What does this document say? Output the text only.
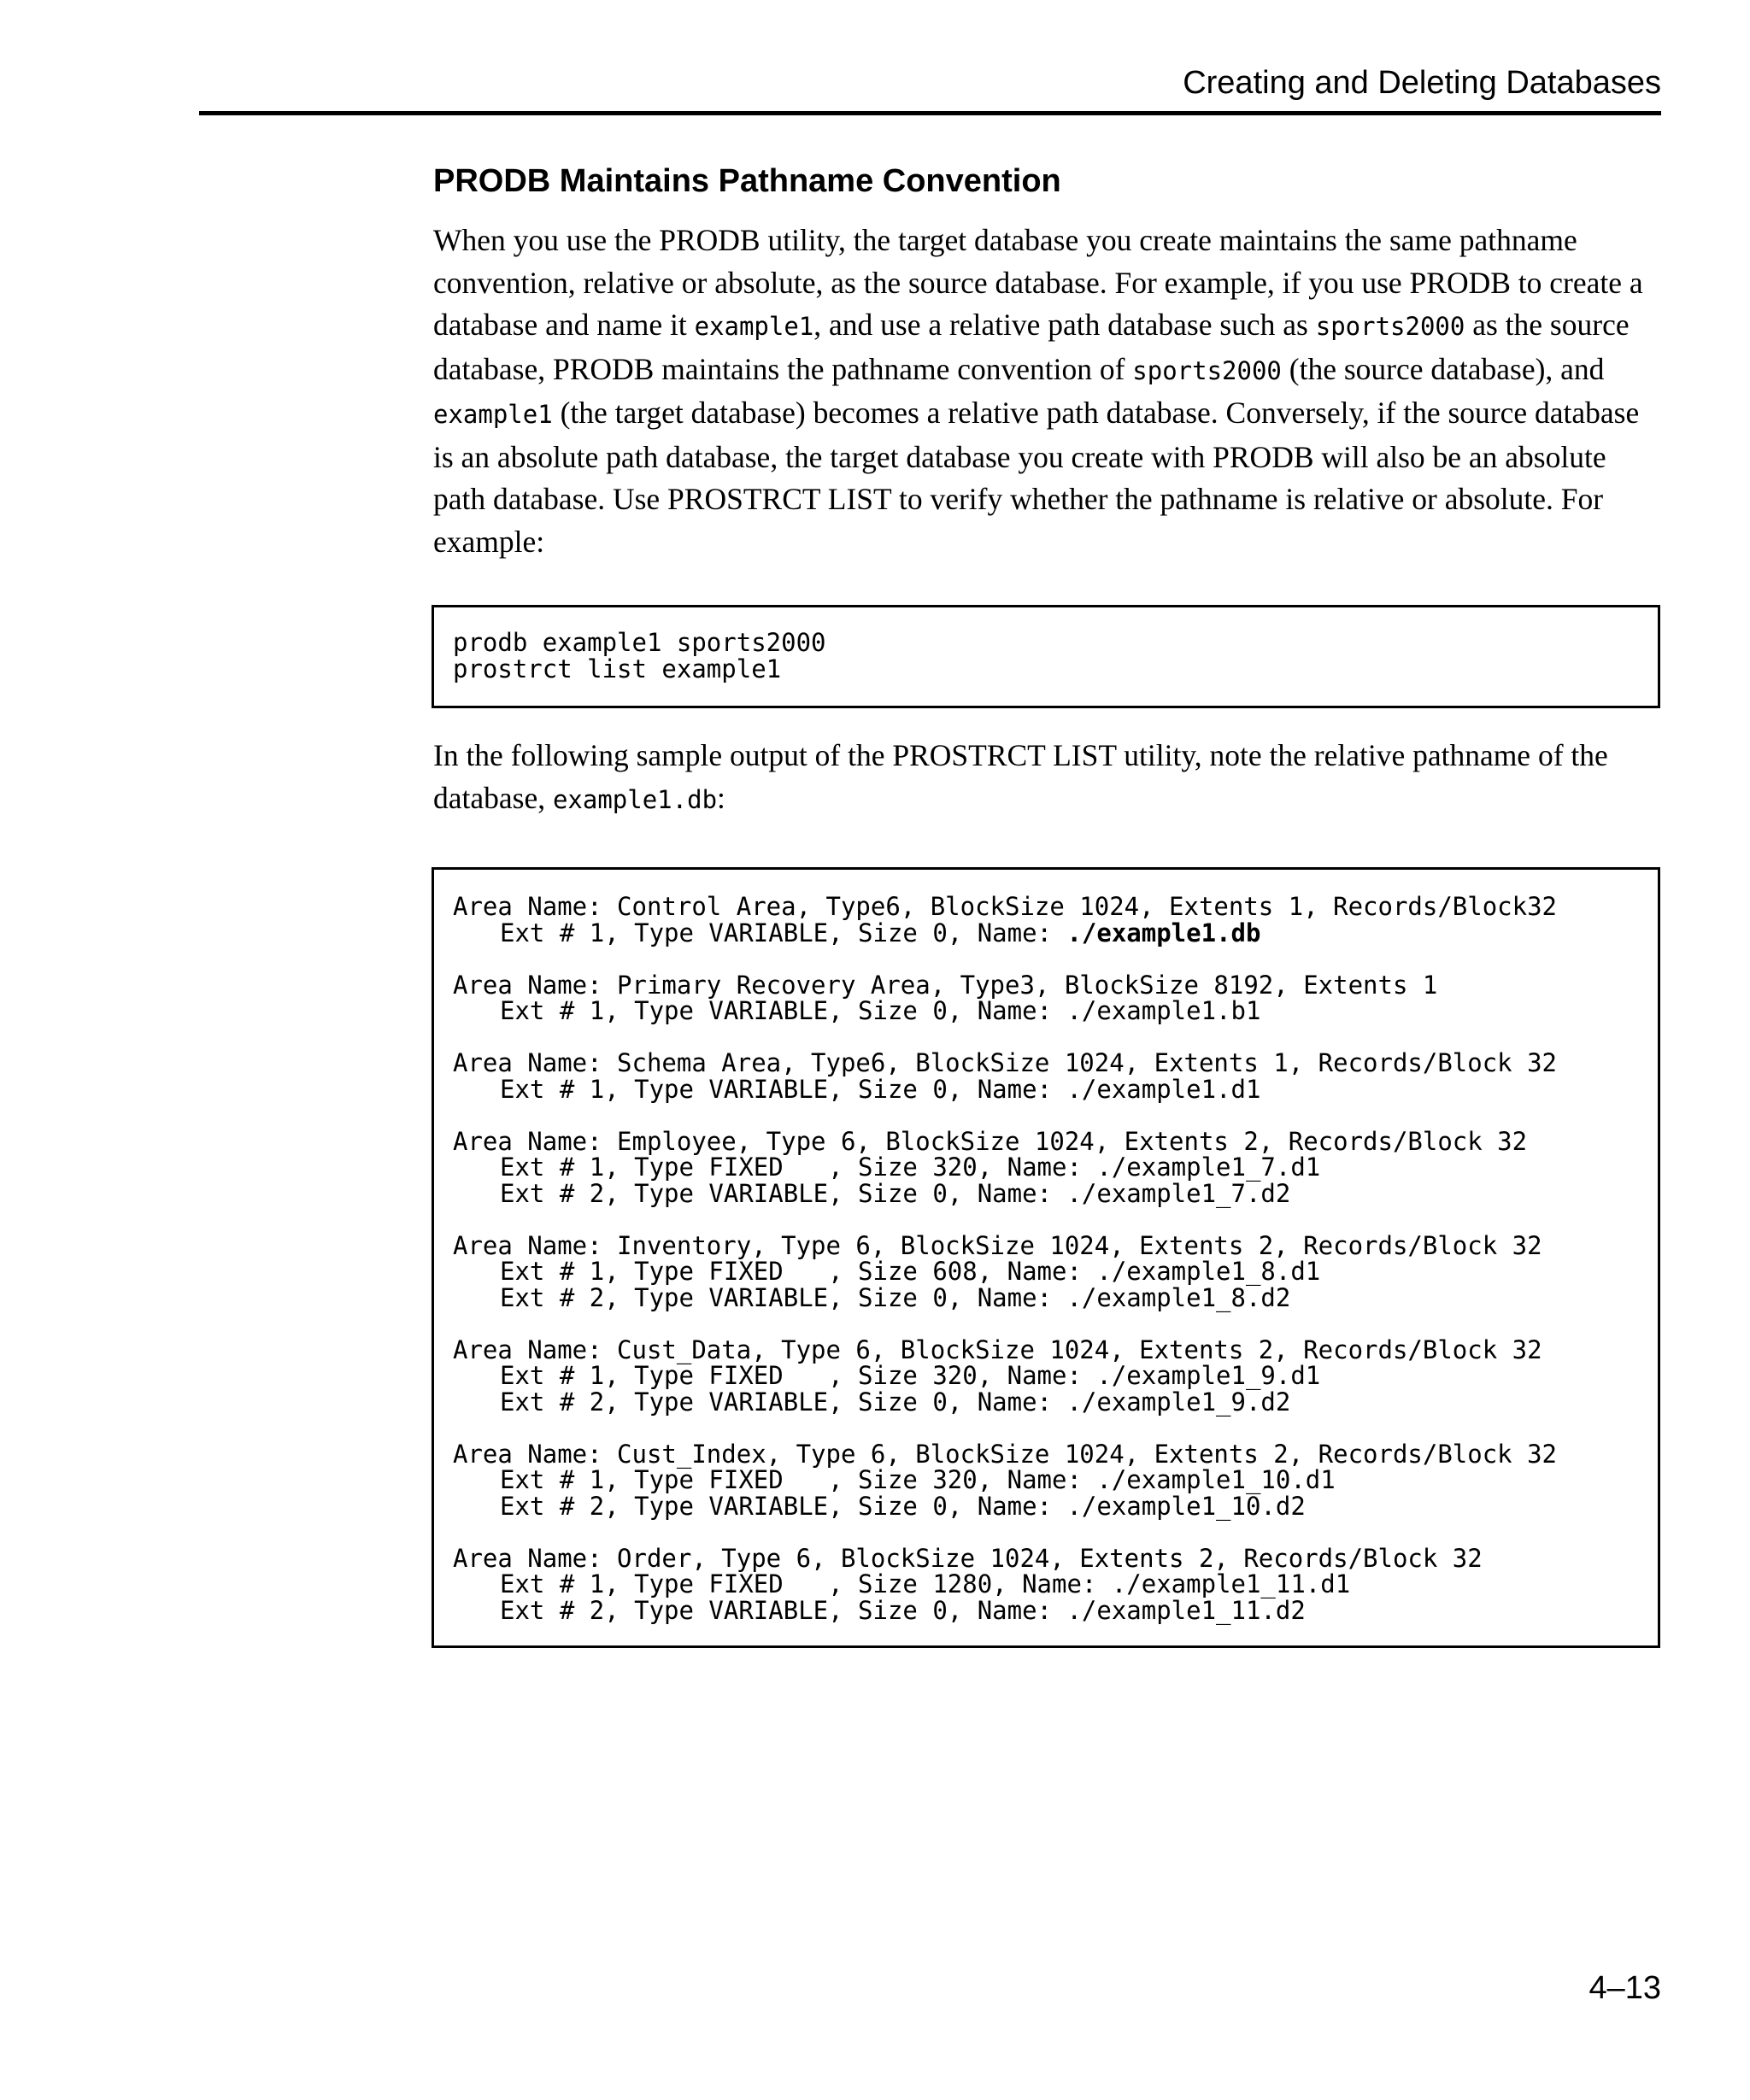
Creating and Deleting Databases
PRODB Maintains Pathname Convention

When you use the PRODB utility, the target database you create maintains the same pathname convention, relative or absolute, as the source database. For example, if you use PRODB to create a database and name it example1, and use a relative path database such as sports2000 as the source database, PRODB maintains the pathname convention of sports2000 (the source database), and example1 (the target database) becomes a relative path database. Conversely, if the source database is an absolute path database, the target database you create with PRODB will also be an absolute path database. Use PROSTRCT LIST to verify whether the pathname is relative or absolute. For example:

prodb example1 sports2000
prostrct list example1

In the following sample output of the PROSTRCT LIST utility, note the relative pathname of the database, example1.db:

Area Name: Control Area, Type6, BlockSize 1024, Extents 1, Records/Block32
Ext # 1, Type VARIABLE, Size 0, Name: ./example1.db
Area Name: Primary Recovery Area, Type3, BlockSize 8192, Extents 1
Ext # 1, Type VARIABLE, Size 0, Name: ./example1.b1
Area Name: Schema Area, Type6, BlockSize 1024, Extents 1, Records/Block 32
Ext # 1, Type VARIABLE, Size 0, Name: ./example1.d1
Area Name: Employee, Type 6, BlockSize 1024, Extents 2, Records/Block 32
Ext # 1, Type FIXED   , Size 320, Name: ./example1_7.d1
Ext # 2, Type VARIABLE, Size 0, Name: ./example1_7.d2
Area Name: Inventory, Type 6, BlockSize 1024, Extents 2, Records/Block 32
Ext # 1, Type FIXED   , Size 608, Name: ./example1_8.d1
Ext # 2, Type VARIABLE, Size 0, Name: ./example1_8.d2
Area Name: Cust_Data, Type 6, BlockSize 1024, Extents 2, Records/Block 32
Ext # 1, Type FIXED   , Size 320, Name: ./example1_9.d1
Ext # 2, Type VARIABLE, Size 0, Name: ./example1_9.d2
Area Name: Cust_Index, Type 6, BlockSize 1024, Extents 2, Records/Block 32
Ext # 1, Type FIXED   , Size 320, Name: ./example1_10.d1
Ext # 2, Type VARIABLE, Size 0, Name: ./example1_10.d2
Area Name: Order, Type 6, BlockSize 1024, Extents 2, Records/Block 32
Ext # 1, Type FIXED   , Size 1280, Name: ./example1_11.d1
Ext # 2, Type VARIABLE, Size 0, Name: ./example1_11.d2
4–13
